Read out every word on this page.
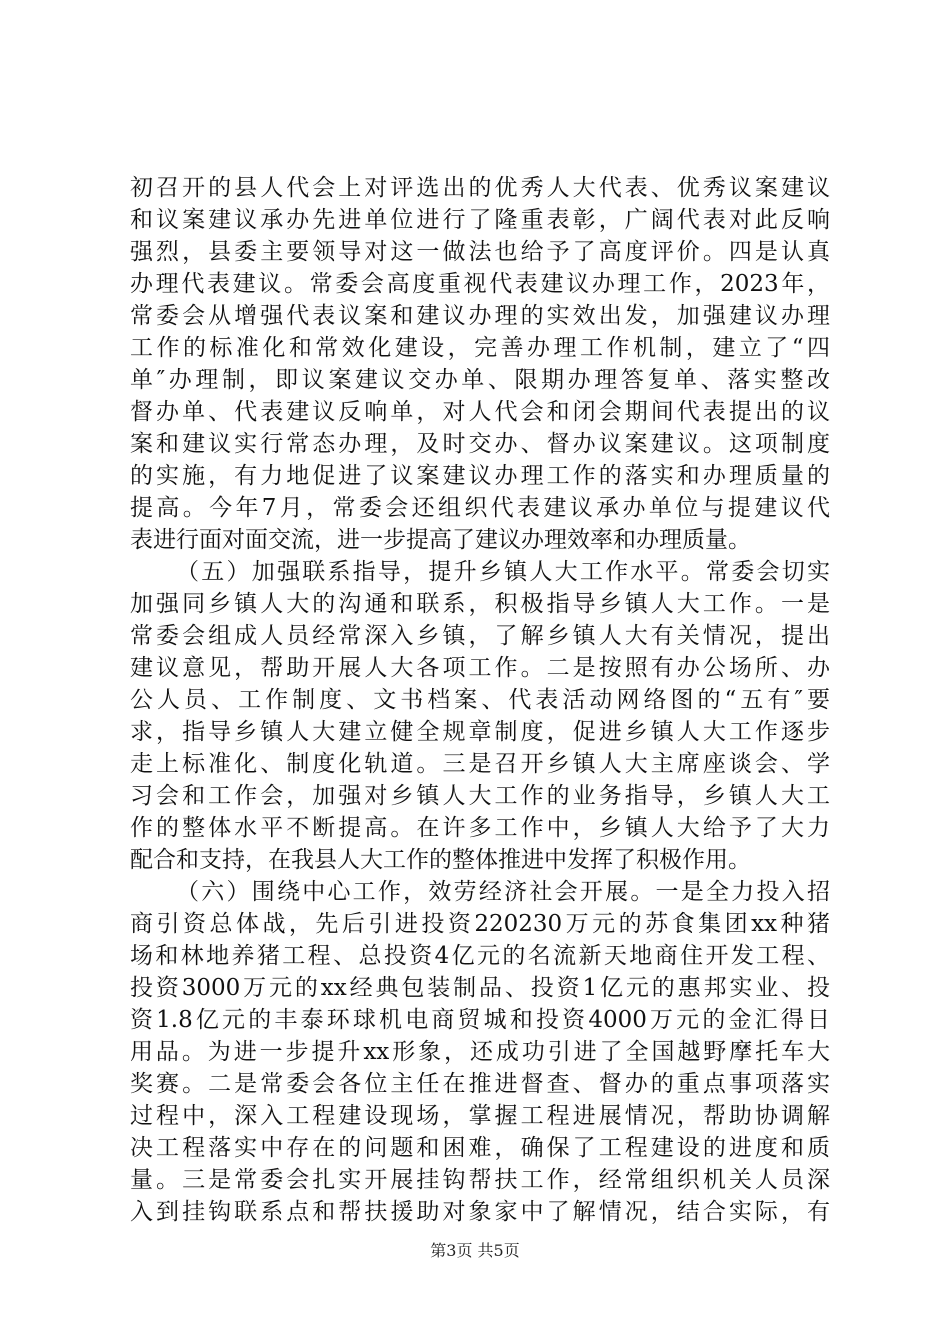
初召开的县人代会上对评选出的优秀人大代表、优秀议案建议
和议案建议承办先进单位进行了隆重表彰，广阔代表对此反响
强烈，县委主要领导对这一做法也给予了高度评价。四是认真
办理代表建议。常委会高度重视代表建议办理工作，2023年，
常委会从增强代表议案和建议办理的实效出发，加强建议办理
工作的标准化和常效化建设，完善办理工作机制，建立了“四
单″办理制，即议案建议交办单、限期办理答复单、落实整改
督办单、代表建议反响单，对人代会和闭会期间代表提出的议
案和建议实行常态办理，及时交办、督办议案建议。这项制度
的实施，有力地促进了议案建议办理工作的落实和办理质量的
提高。今年7月，常委会还组织代表建议承办单位与提建议代
表进行面对面交流，进一步提高了建议办理效率和办理质量。
（五）加强联系指导，提升乡镇人大工作水平。常委会切实
加强同乡镇人大的沟通和联系，积极指导乡镇人大工作。一是
常委会组成人员经常深入乡镇，了解乡镇人大有关情况，提出
建议意见，帮助开展人大各项工作。二是按照有办公场所、办
公人员、工作制度、文书档案、代表活动网络图的“五有″要
求，指导乡镇人大建立健全规章制度，促进乡镇人大工作逐步
走上标准化、制度化轨道。三是召开乡镇人大主席座谈会、学
习会和工作会，加强对乡镇人大工作的业务指导，乡镇人大工
作的整体水平不断提高。在许多工作中，乡镇人大给予了大力
配合和支持，在我县人大工作的整体推进中发挥了积极作用。
（六）围绕中心工作，效劳经济社会开展。一是全力投入招
商引资总体战，先后引进投资220230万元的苏食集团xx种猪
场和林地养猪工程、总投资4亿元的名流新天地商住开发工程、
投资3000万元的xx经典包装制品、投资1亿元的惠邦实业、投
资1.8亿元的丰泰环球机电商贸城和投资4000万元的金汇得日
用品。为进一步提升xx形象，还成功引进了全国越野摩托车大
奖赛。二是常委会各位主任在推进督查、督办的重点事项落实
过程中，深入工程建设现场，掌握工程进展情况，帮助协调解
决工程落实中存在的问题和困难，确保了工程建设的进度和质
量。三是常委会扎实开展挂钩帮扶工作，经常组织机关人员深
入到挂钩联系点和帮扶援助对象家中了解情况，结合实际，有
第3页 共5页
